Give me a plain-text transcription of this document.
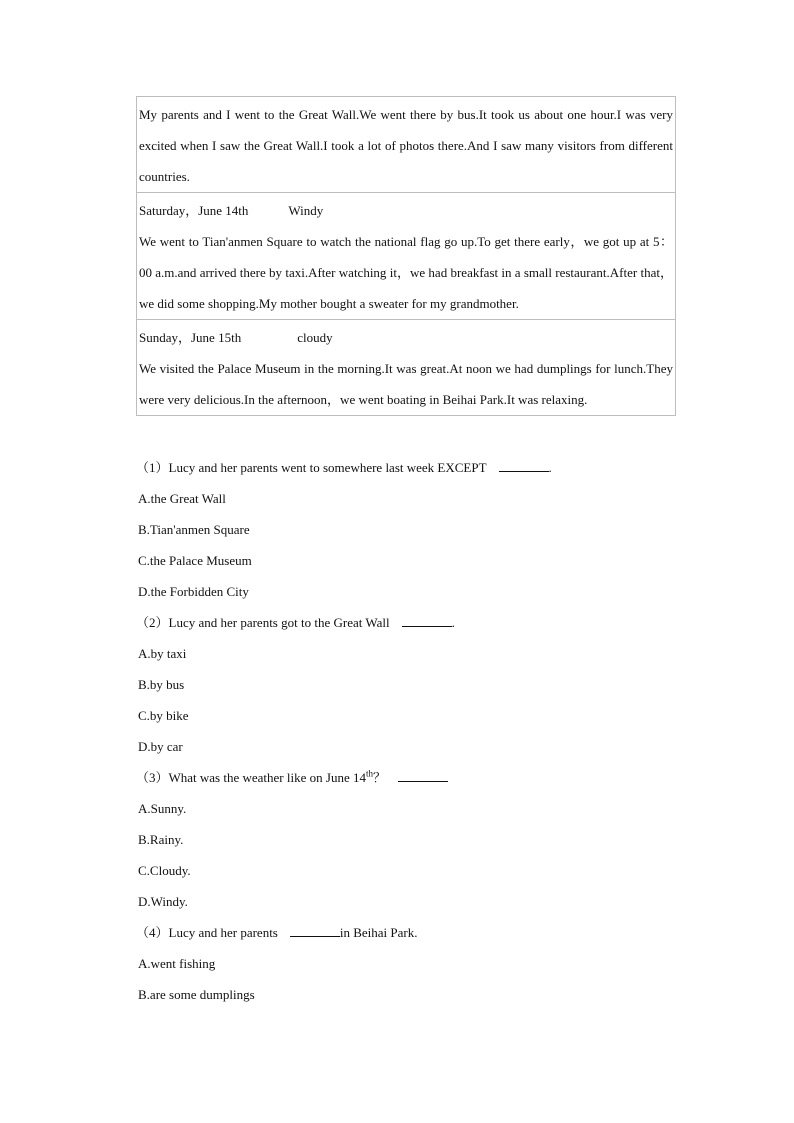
My parents and I went to the Great Wall.We went there by bus.It took us about one hour.I was very excited when I saw the Great Wall.I took a lot of photos there.And I saw many visitors from different countries.

Saturday，June 14th	Windy

We went to Tian'anmen Square to watch the national flag go up.To get there early，we got up at 5：00 a.m.and arrived there by taxi.After watching it，we had breakfast in a small restaurant.After that，we did some shopping.My mother bought a sweater for my grandmother.

Sunday，June 15th	cloudy

We visited the Palace Museum in the morning.It was great.At noon we had dumplings for lunch.They were very delicious.In the afternoon，we went boating in Beihai Park.It was relaxing.

（1）Lucy and her parents went to somewhere last week EXCEPT	.
A.the Great Wall
B.Tian'anmen Square
C.the Palace Museum
D.the Forbidden City
（2）Lucy and her parents got to the Great Wall	.
A.by taxi
B.by bus
C.by bike
D.by car
（3）What was the weather like on June 14th？
A.Sunny.
B.Rainy.
C.Cloudy.
D.Windy.
（4）Lucy and her parents	in Beihai Park.
A.went fishing
B.are some dumplings
